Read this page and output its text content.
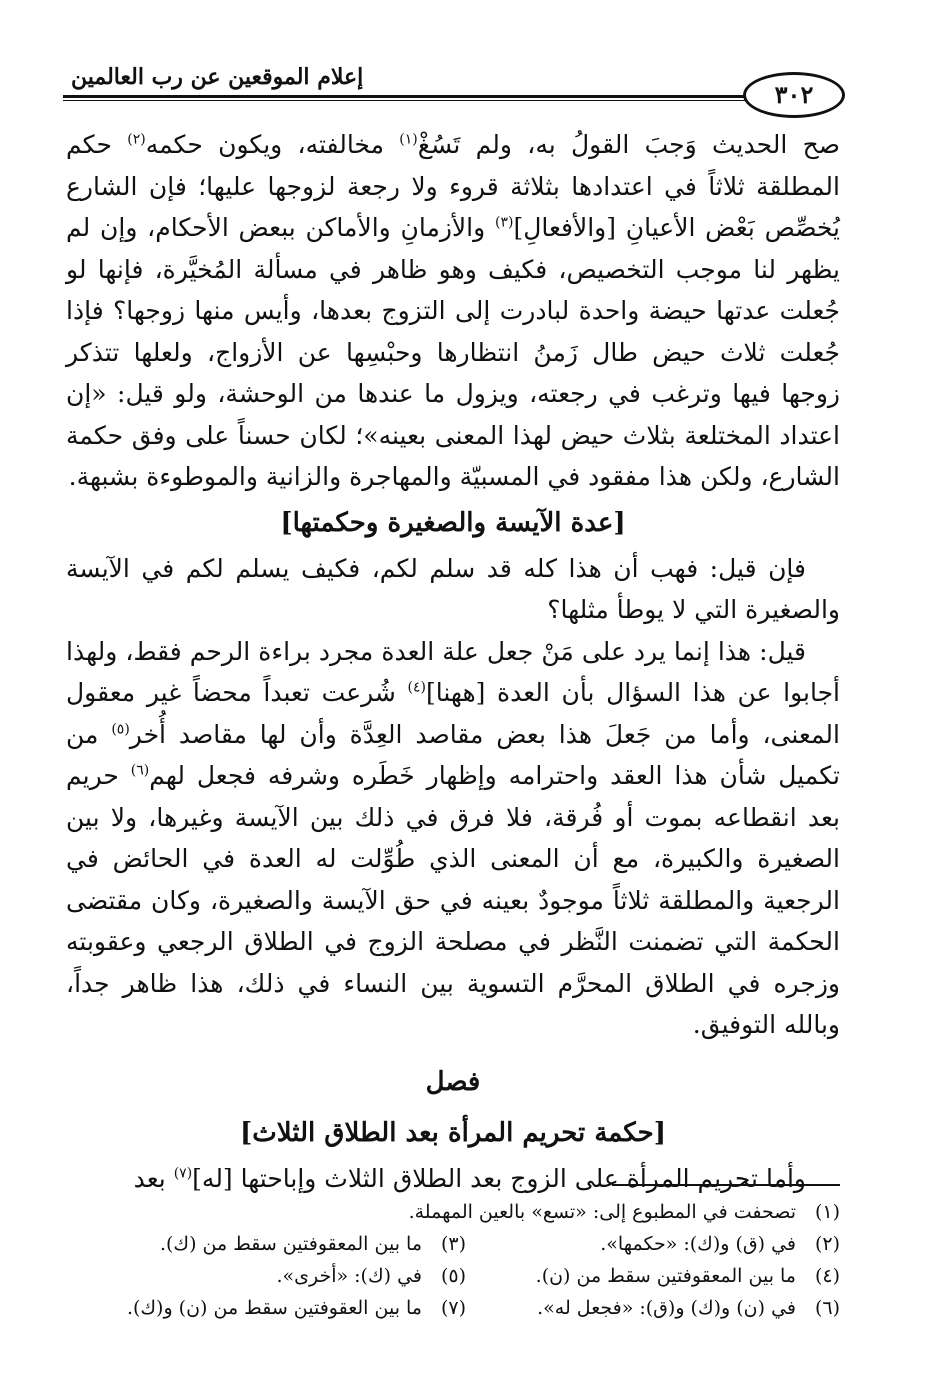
إعلام الموقعين عن رب العالمين
٣٠٢

صح الحديث وَجبَ القولُ به، ولم تَسُغْ$^{(١)}$ مخالفته، ويكون حكمه$^{(٢)}$ حكم المطلقة ثلاثاً في اعتدادها بثلاثة قروء ولا رجعة لزوجها عليها؛ فإن الشارع يُخصِّص بَعْض الأعيانِ [والأفعالِ]$^{(٣)}$ والأزمانِ والأماكن ببعض الأحكام، وإن لم يظهر لنا موجب التخصيص، فكيف وهو ظاهر في مسألة المُخيَّرة، فإنها لو جُعلت عدتها حيضة واحدة لبادرت إلى التزوج بعدها، وأيس منها زوجها؟ فإذا جُعلت ثلاث حيض طال زَمنُ انتظارها وحبْسِها عن الأزواج، ولعلها تتذكر زوجها فيها وترغب في رجعته، ويزول ما عندها من الوحشة، ولو قيل: «إن اعتداد المختلعة بثلاث حيض لهذا المعنى بعينه»؛ لكان حسناً على وفق حكمة الشارع، ولكن هذا مفقود في المسبيّة والمهاجرة والزانية والموطوءة بشبهة.

[عدة الآيسة والصغيرة وحكمتها]

فإن قيل: فهب أن هذا كله قد سلم لكم، فكيف يسلم لكم في الآيسة والصغيرة التي لا يوطأ مثلها؟

قيل: هذا إنما يرد على مَنْ جعل علة العدة مجرد براءة الرحم فقط، ولهذا أجابوا عن هذا السؤال بأن العدة [ههنا]$^{(٤)}$ شُرعت تعبداً محضاً غير معقول المعنى، وأما من جَعلَ هذا بعض مقاصد العِدَّة وأن لها مقاصد أُخر$^{(٥)}$ من تكميل شأن هذا العقد واحترامه وإظهار خَطَره وشرفه فجعل لهم$^{(٦)}$ حريم بعد انقطاعه بموت أو فُرقة، فلا فرق في ذلك بين الآيسة وغيرها، ولا بين الصغيرة والكبيرة، مع أن المعنى الذي طُوِّلت له العدة في الحائض في الرجعية والمطلقة ثلاثاً موجودٌ بعينه في حق الآيسة والصغيرة، وكان مقتضى الحكمة التي تضمنت النَّظر في مصلحة الزوج في الطلاق الرجعي وعقوبته وزجره في الطلاق المحرَّم التسوية بين النساء في ذلك، هذا ظاهر جداً، وبالله التوفيق.

فصل

[حكمة تحريم المرأة بعد الطلاق الثلاث]

وأما تحريم المرأة على الزوج بعد الطلاق الثلاث وإباحتها [له]$^{(٧)}$ بعد

(١)تصحفت في المطبوع إلى: «تسع» بالعين المهملة.
(٢)في (ق) و(ك): «حكمها».
(٣)ما بين المعقوفتين سقط من (ك).
(٤)ما بين المعقوفتين سقط من (ن).
(٥)في (ك): «أخرى».
(٦)في (ن) و(ك) و(ق): «فجعل له».
(٧)ما بين العقوفتين سقط من (ن) و(ك).
